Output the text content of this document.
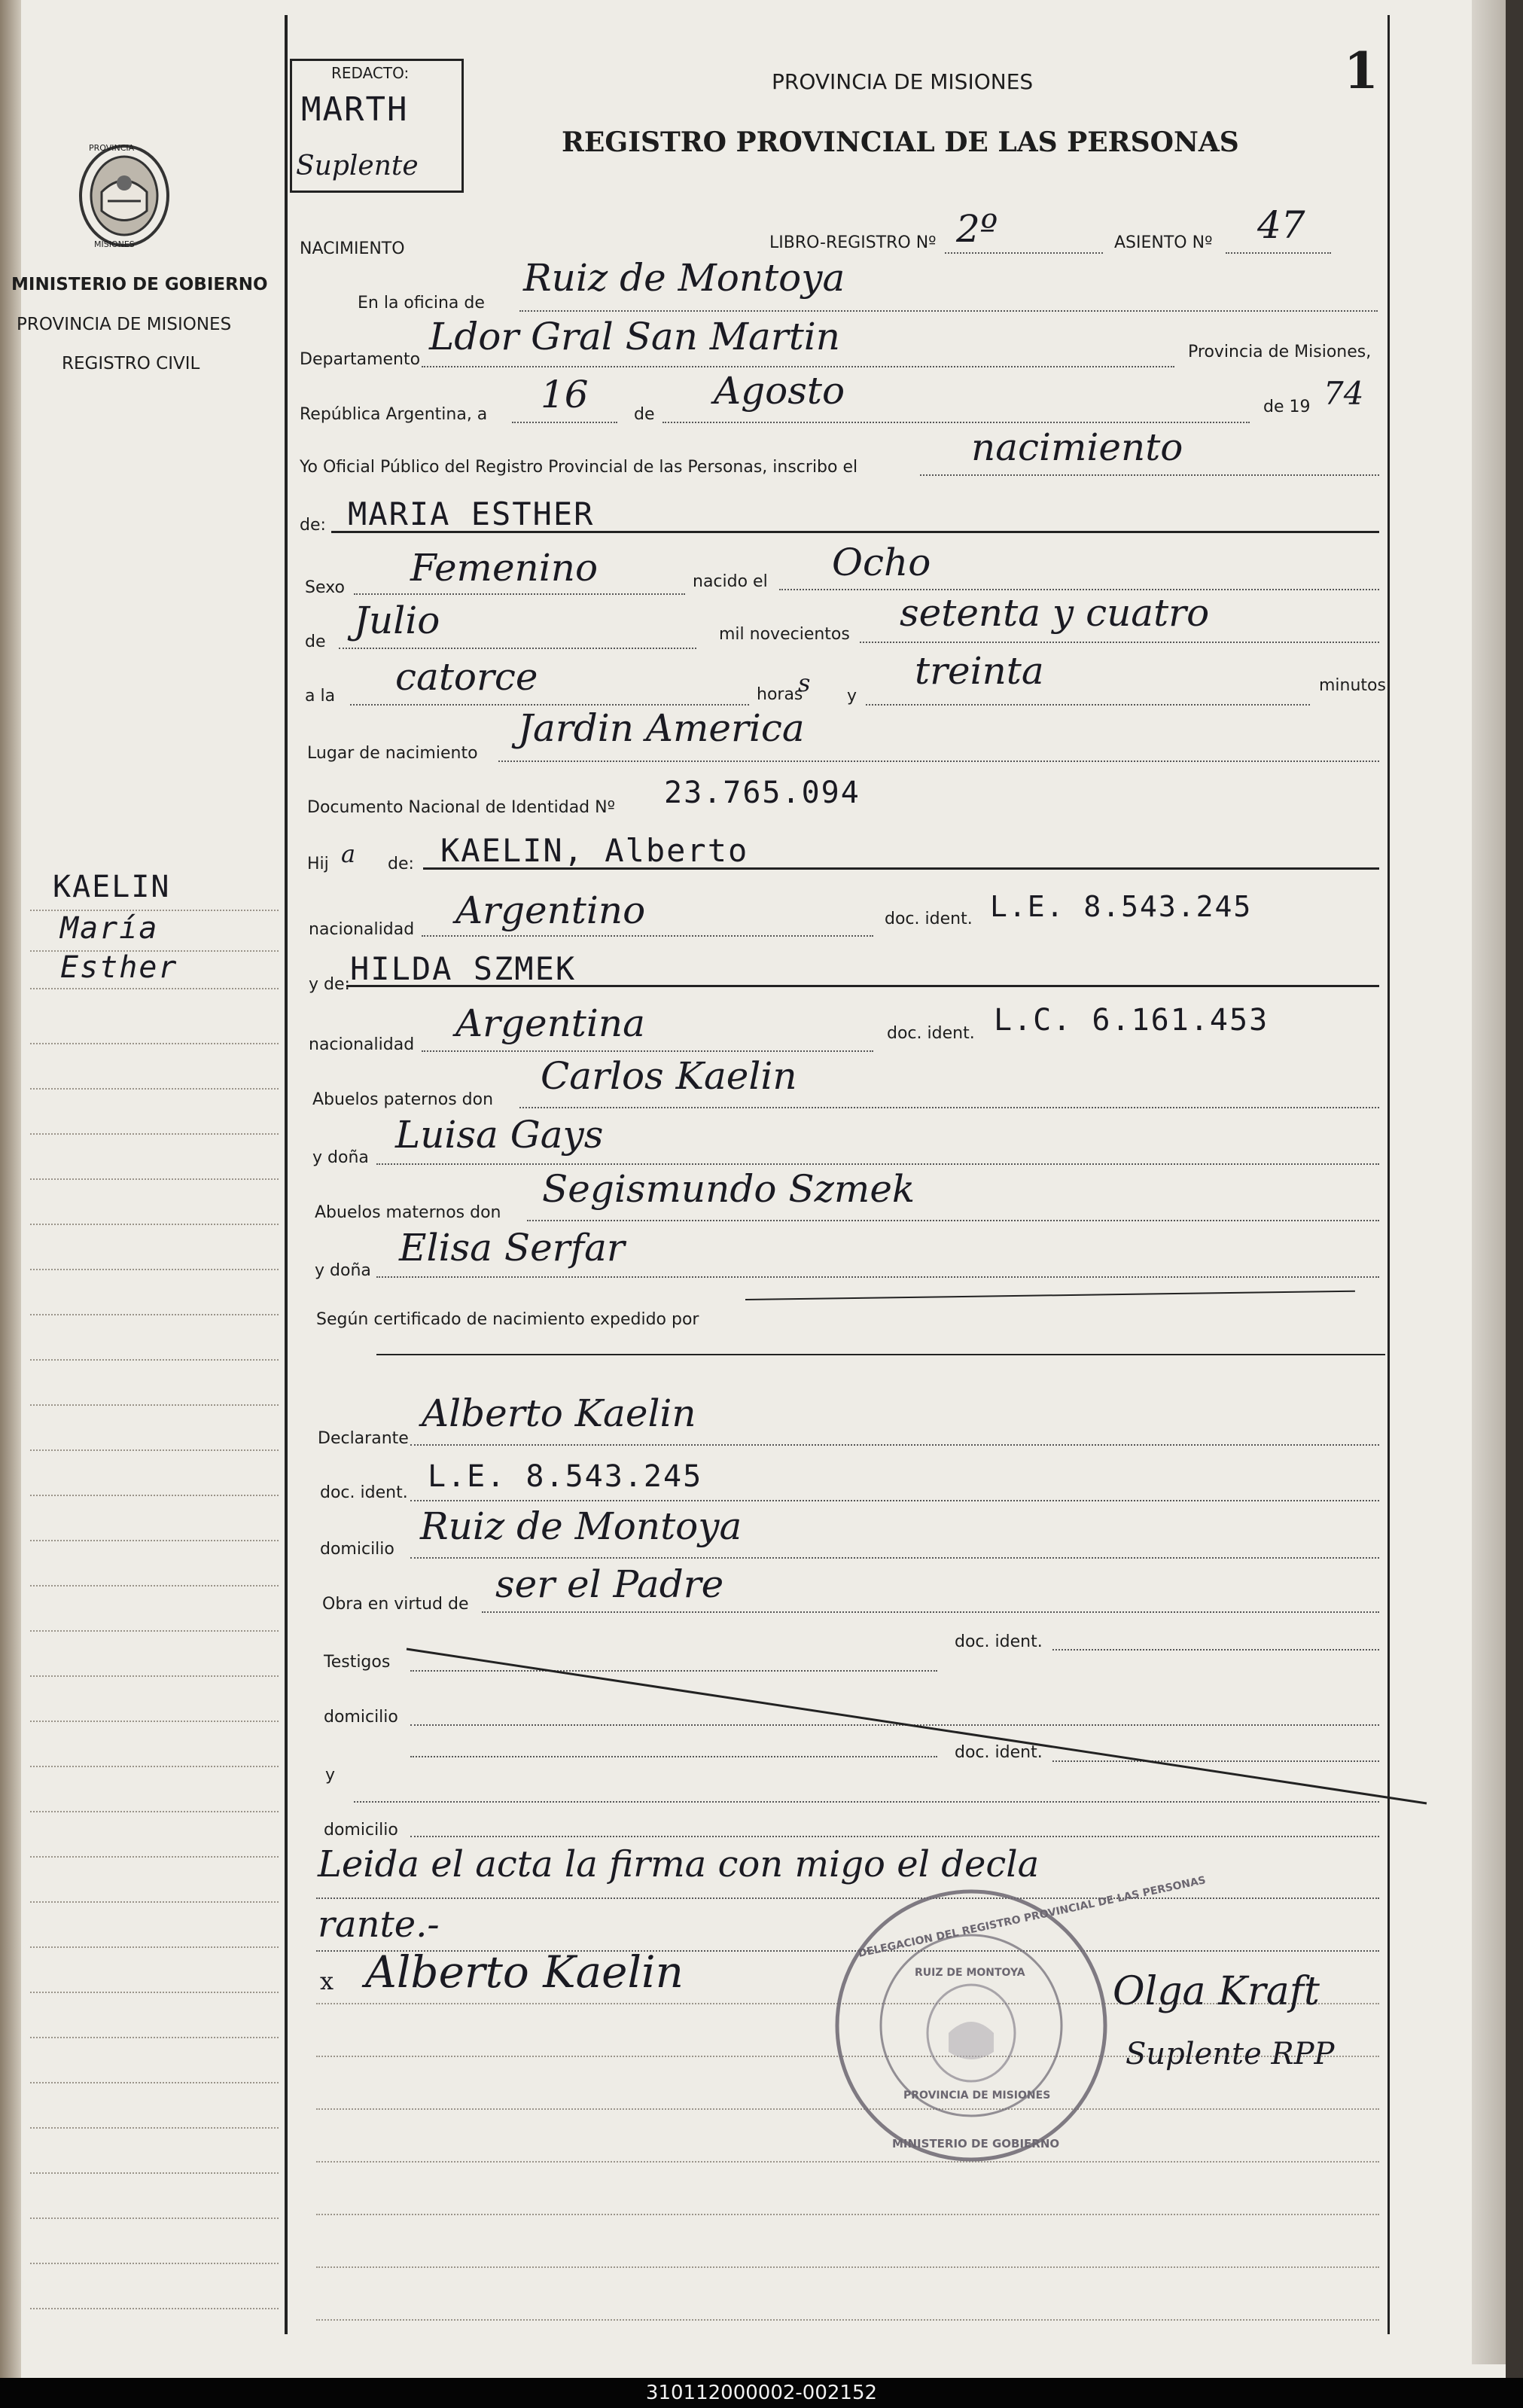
PROVINCIA
MISIONES
MINISTERIO DE GOBIERNO
PROVINCIA DE MISIONES
REGISTRO CIVIL
KAELIN
María
Esther
REDACTO:
MARTH
Suplente
PROVINCIA DE MISIONES
REGISTRO PROVINCIAL DE LAS PERSONAS
1
NACIMIENTO	LIBRO-REGISTRO Nº 2º	ASIENTO Nº 47
En la oficina de
Ruiz de Montoya
Departamento
Ldor Gral San Martin	Provincia de Misiones,
República Argentina, a 16	de
Agosto	de 19 74
Yo Oficial Público del Registro Provincial de las Personas, inscribo el	nacimiento
de: MARIA ESTHER
Sexo Femenino	nacido el Ocho
de Julio	mil novecientos setenta y cuatro
a la catorce	horas
s y
treinta	minutos
Lugar de nacimiento
Jardin America
Documento Nacional de Identidad Nº 23.765.094
Hij a de: KAELIN, Alberto
nacionalidad Argentino	doc. ident. L.E. 8.543.245
y de: HILDA SZMEK
nacionalidad Argentina	doc. ident. L.C. 6.161.453
Abuelos paternos don
Carlos Kaelin
y doña
Luisa Gays
Abuelos maternos don
Segismundo Szmek
y doña
Elisa Serfar
Según certificado de nacimiento expedido por
Declarante
Alberto Kaelin
doc. ident. L.E. 8.543.245
domicilio
Ruiz de Montoya
Obra en virtud de ser el Padre
Testigos
doc. ident.
domicilio
doc. ident.
y
domicilio
Leida el acta la firma con migo el decla
rante.-
x Alberto Kaelin
DELEGACION DEL REGISTRO PROVINCIAL DE LAS PERSONAS
RUIZ DE MONTOYA
PROVINCIA DE MISIONES
MINISTERIO DE GOBIERNO
Olga Kraft
Suplente RPP
310112000002-002152
